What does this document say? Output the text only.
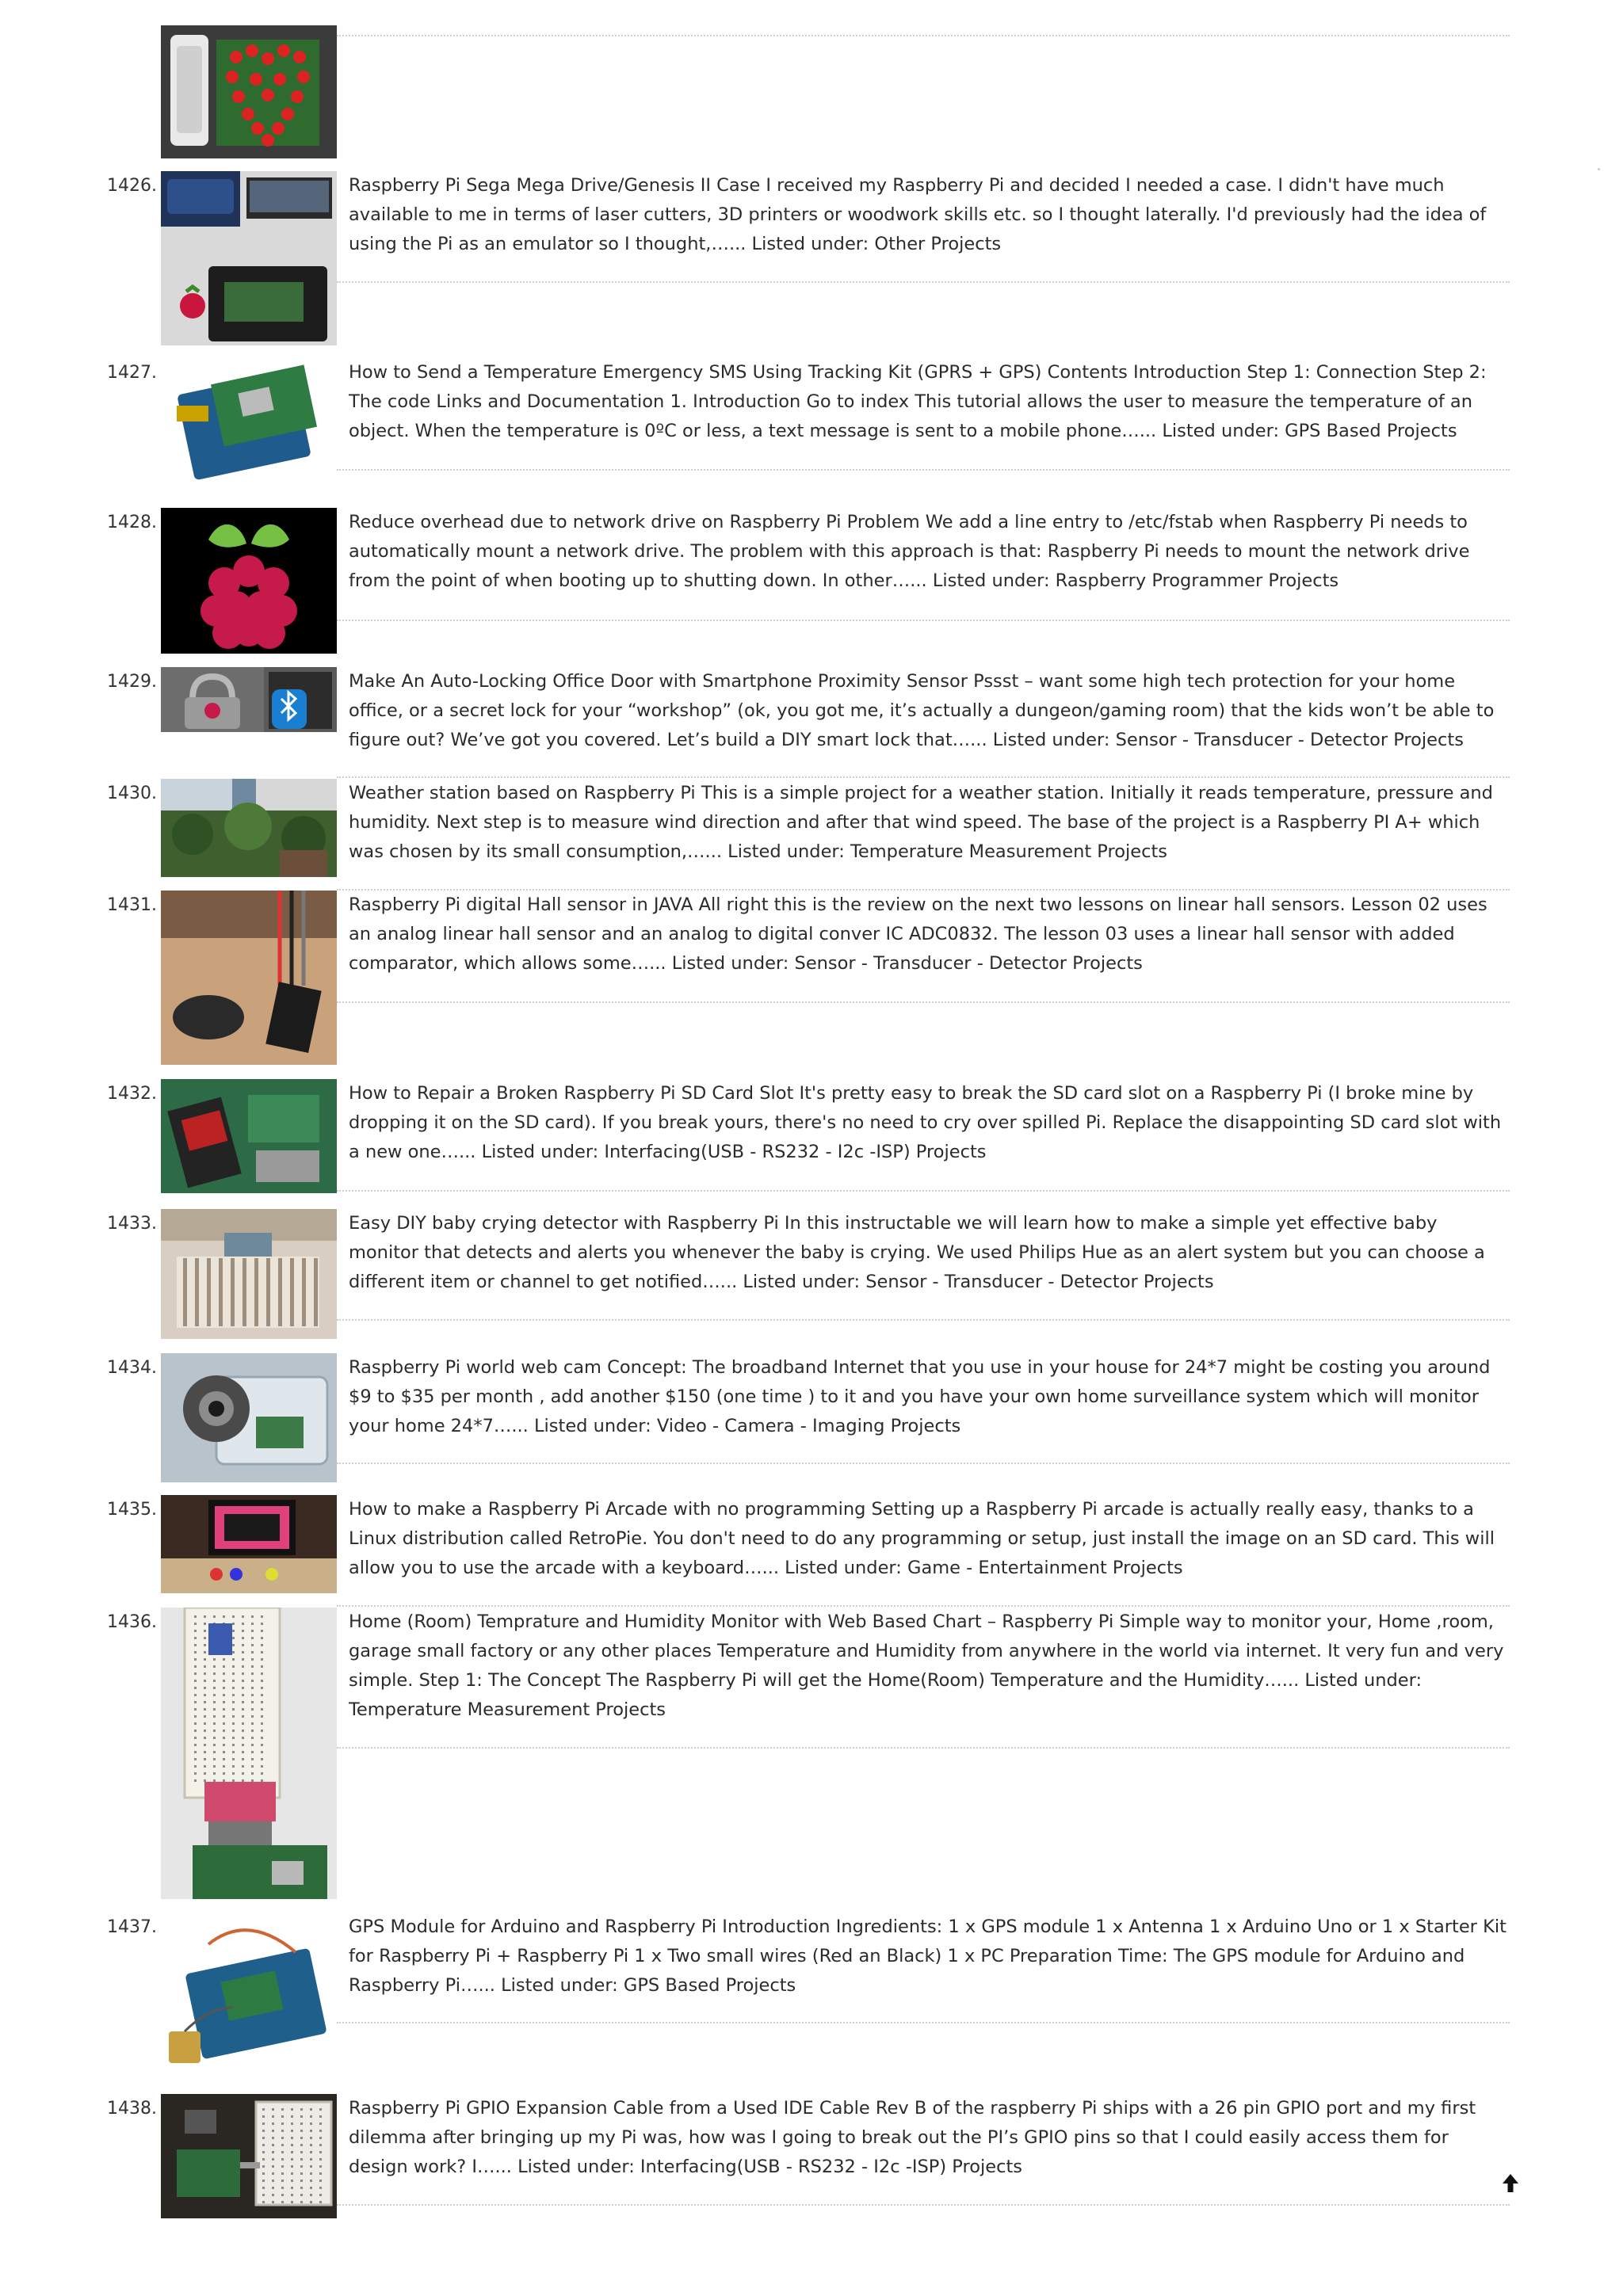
1426.	Raspberry Pi Sega Mega Drive/Genesis II Case I received my Raspberry Pi and decided I needed a case. I didn't have much available to me in terms of laser cutters, 3D printers or woodwork skills etc. so I thought laterally. I'd previously had the idea of using the Pi as an emulator so I thought,…... Listed under: Other Projects
1427.	How to Send a Temperature Emergency SMS Using Tracking Kit (GPRS + GPS) Contents Introduction Step 1: Connection Step 2: The code Links and Documentation 1. Introduction Go to index This tutorial allows the user to measure the temperature of an object. When the temperature is 0ºC or less, a text message is sent to a mobile phone…... Listed under: GPS Based Projects
1428.	Reduce overhead due to network drive on Raspberry Pi Problem We add a line entry to /etc/fstab when Raspberry Pi needs to automatically mount a network drive. The problem with this approach is that: Raspberry Pi needs to mount the network drive from the point of when booting up to shutting down. In other…... Listed under: Raspberry Programmer Projects
1429.	Make An Auto-Locking Office Door with Smartphone Proximity Sensor Pssst – want some high tech protection for your home office, or a secret lock for your “workshop” (ok, you got me, it’s actually a dungeon/gaming room) that the kids won’t be able to figure out? We’ve got you covered. Let’s build a DIY smart lock that…... Listed under: Sensor - Transducer - Detector Projects
1430.	Weather station based on Raspberry Pi This is a simple project for a weather station. Initially it reads temperature, pressure and humidity. Next step is to measure wind direction and after that wind speed. The base of the project is a Raspberry PI A+ which was chosen by its small consumption,…... Listed under: Temperature Measurement Projects
1431.	Raspberry Pi digital Hall sensor in JAVA All right this is the review on the next two lessons on linear hall sensors. Lesson 02 uses an analog linear hall sensor and an analog to digital conver IC ADC0832. The lesson 03 uses a linear hall sensor with added comparator, which allows some…... Listed under: Sensor - Transducer - Detector Projects
1432.	How to Repair a Broken Raspberry Pi SD Card Slot It's pretty easy to break the SD card slot on a Raspberry Pi (I broke mine by dropping it on the SD card). If you break yours, there's no need to cry over spilled Pi. Replace the disappointing SD card slot with a new one…... Listed under: Interfacing(USB - RS232 - I2c -ISP) Projects
1433.	Easy DIY baby crying detector with Raspberry Pi In this instructable we will learn how to make a simple yet effective baby monitor that detects and alerts you whenever the baby is crying. We used Philips Hue as an alert system but you can choose a different item or channel to get notified…... Listed under: Sensor - Transducer - Detector Projects
1434.	Raspberry Pi world web cam Concept: The broadband Internet that you use in your house for 24*7 might be costing you around $9 to $35 per month , add another $150 (one time ) to it and you have your own home surveillance system which will monitor your home 24*7…... Listed under: Video - Camera - Imaging Projects
1435.	How to make a Raspberry Pi Arcade with no programming Setting up a Raspberry Pi arcade is actually really easy, thanks to a Linux distribution called RetroPie. You don't need to do any programming or setup, just install the image on an SD card. This will allow you to use the arcade with a keyboard…... Listed under: Game - Entertainment Projects
1436.	Home (Room) Temprature and Humidity Monitor with Web Based Chart – Raspberry Pi Simple way to monitor your, Home ,room, garage small factory or any other places Temperature and Humidity from anywhere in the world via internet. It very fun and very simple. Step 1: The Concept The Raspberry Pi will get the Home(Room) Temperature and the Humidity…... Listed under: Temperature Measurement Projects
1437.	GPS Module for Arduino and Raspberry Pi Introduction Ingredients: 1 x GPS module 1 x Antenna 1 x Arduino Uno or 1 x Starter Kit for Raspberry Pi + Raspberry Pi 1 x Two small wires (Red an Black) 1 x PC Preparation Time: The GPS module for Arduino and Raspberry Pi…... Listed under: GPS Based Projects
1438.	Raspberry Pi GPIO Expansion Cable from a Used IDE Cable Rev B of the raspberry Pi ships with a 26 pin GPIO port and my first dilemma after bringing up my Pi was, how was I going to break out the PI’s GPIO pins so that I could easily access them for design work? I…... Listed under: Interfacing(USB - RS232 - I2c -ISP) Projects
